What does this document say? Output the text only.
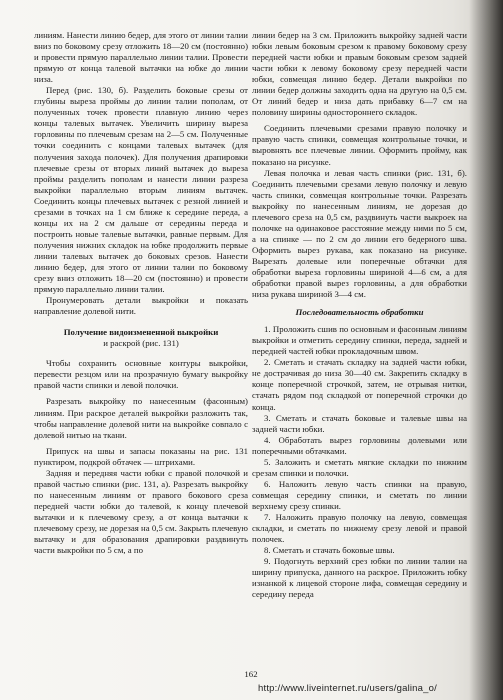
линиям. Нанести линию бедер, для этого от линии талии вниз по боковому срезу отложить 18—20 см (постоянно) и провести прямую параллельно линии талии. Провести прямую от конца талевой вытачки на юбке до линии низа.

Перед (рис. 130, б). Разделить боковые срезы от глубины выреза проймы до линии талии пополам, от полученных точек провести плавную линию через концы талевых вытачек. Увеличить ширину выреза горловины по плечевым срезам на 2—5 см. Полученные точки соединить с концами талевых вытачек (для получения захода полочек). Для получения драпировки плечевые срезы от вторых линий вытачек до выреза проймы разделить пополам и нанести линии разреза выкройки параллельно вторым линиям вытачек. Соединить концы плечевых вытачек с резной линией и срезами в точках на 1 см ближе к середине переда, а концы их на 2 см дальше от середины переда и построить новые талевые вытачки, равные первым. Для получения нижних складок на юбке продолжить первые линии талевых вытачек до боковых срезов. Нанести линию бедер, для этого от линии талии по боковому срезу вниз отложить 18—20 см (постоянно) и провести прямую параллельно линии талии.

Пронумеровать детали выкройки и показать направление долевой нити.

Получение видоизмененной выкройки

и раскрой (рис. 131)

Чтобы сохранить основные контуры выкройки, перевести резцом или на прозрачную бумагу выкройку правой части спинки и левой полочки.

Разрезать выкройку по нанесенным (фасонным) линиям. При раскрое деталей выкройки разложить так, чтобы направление долевой нити на выкройке совпало с долевой нитью на ткани.

Припуск на швы и запасы показаны на рис. 131 пунктиром, подкрой обтачек — штрихами.

Задняя и передняя части юбки с правой полочкой и правой частью спинки (рис. 131, а). Разрезать выкройку по нанесенным линиям от правого бокового среза передней части юбки до талевой, к концу плечевой вытачки и к плечевому срезу, а от конца вытачки к плечевому срезу, не дорезая на 0,5 см. Закрыть плечевую вытачку и для образования драпировки раздвинуть части выкройки по 5 см, а по

линии бедер на 3 см. Приложить выкройку задней части юбки левым боковым срезом к правому боковому срезу передней части юбки и правым боковым срезом задней части юбки к левому боковому срезу передней части юбки, совмещая линию бедер. Детали выкройки по линии бедер должны заходить одна на другую на 0,5 см. От линий бедер и низа дать прибавку 6—7 см на половину ширины одностороннего складок.

Соединить плечевыми срезами правую полочку и правую часть спинки, совмещая контрольные точки, и выровнять все плечевые линии. Оформить пройму, как показано на рисунке.

Левая полочка и левая часть спинки (рис. 131, б). Соединить плечевыми срезами левую полочку и левую часть спинки, совмещая контрольные точки. Разрезать выкройку по нанесенным линиям, не дорезая до плечевого среза на 0,5 см, раздвинуть части выкроек на полочке на одинаковое расстояние между ними по 5 см, а на спинке — по 2 см до линии его бедерного шва. Оформить вырез рукава, как показано на рисунке. Вырезать долевые или поперечные обтачки для обработки выреза горловины шириной 4—6 см, а для обработки правой вырез горловины, а для обработки низа рукава шириной 3—4 см.

Последовательность обработки

1. Проложить сшив по основным и фасонным линиям выкройки и отметить середину спинки, переда, задней и передней частей юбки прокладочным швом.

2. Сметать и стачать складку на задней части юбки, не дострачивая до низа 30—40 см. Закрепить складку в конце поперечной строчкой, затем, не отрывая нитки, стачать рядом под складкой от поперечной строчки до конца.

3. Сметать и стачать боковые и талевые швы на задней части юбки.

4. Обработать вырез горловины долевыми или поперечными обтачками.

5. Заложить и сметать мягкие складки по нижним срезам спинки и полочки.

6. Наложить левую часть спинки на правую, совмещая середину спинки, и сметать по линии верхнему срезу спинки.

7. Наложить правую полочку на левую, совмещая складки, и сметать по нижнему срезу левой и правой полочек.

8. Сметать и стачать боковые швы.

9. Подогнуть верхний срез юбки по линии талии на ширину припуска, данного на раскрое. Приложить юбку изнанкой к лицевой стороне лифа, совмещая середину и середину переда

162
http://www.liveinternet.ru/users/galina_o/
